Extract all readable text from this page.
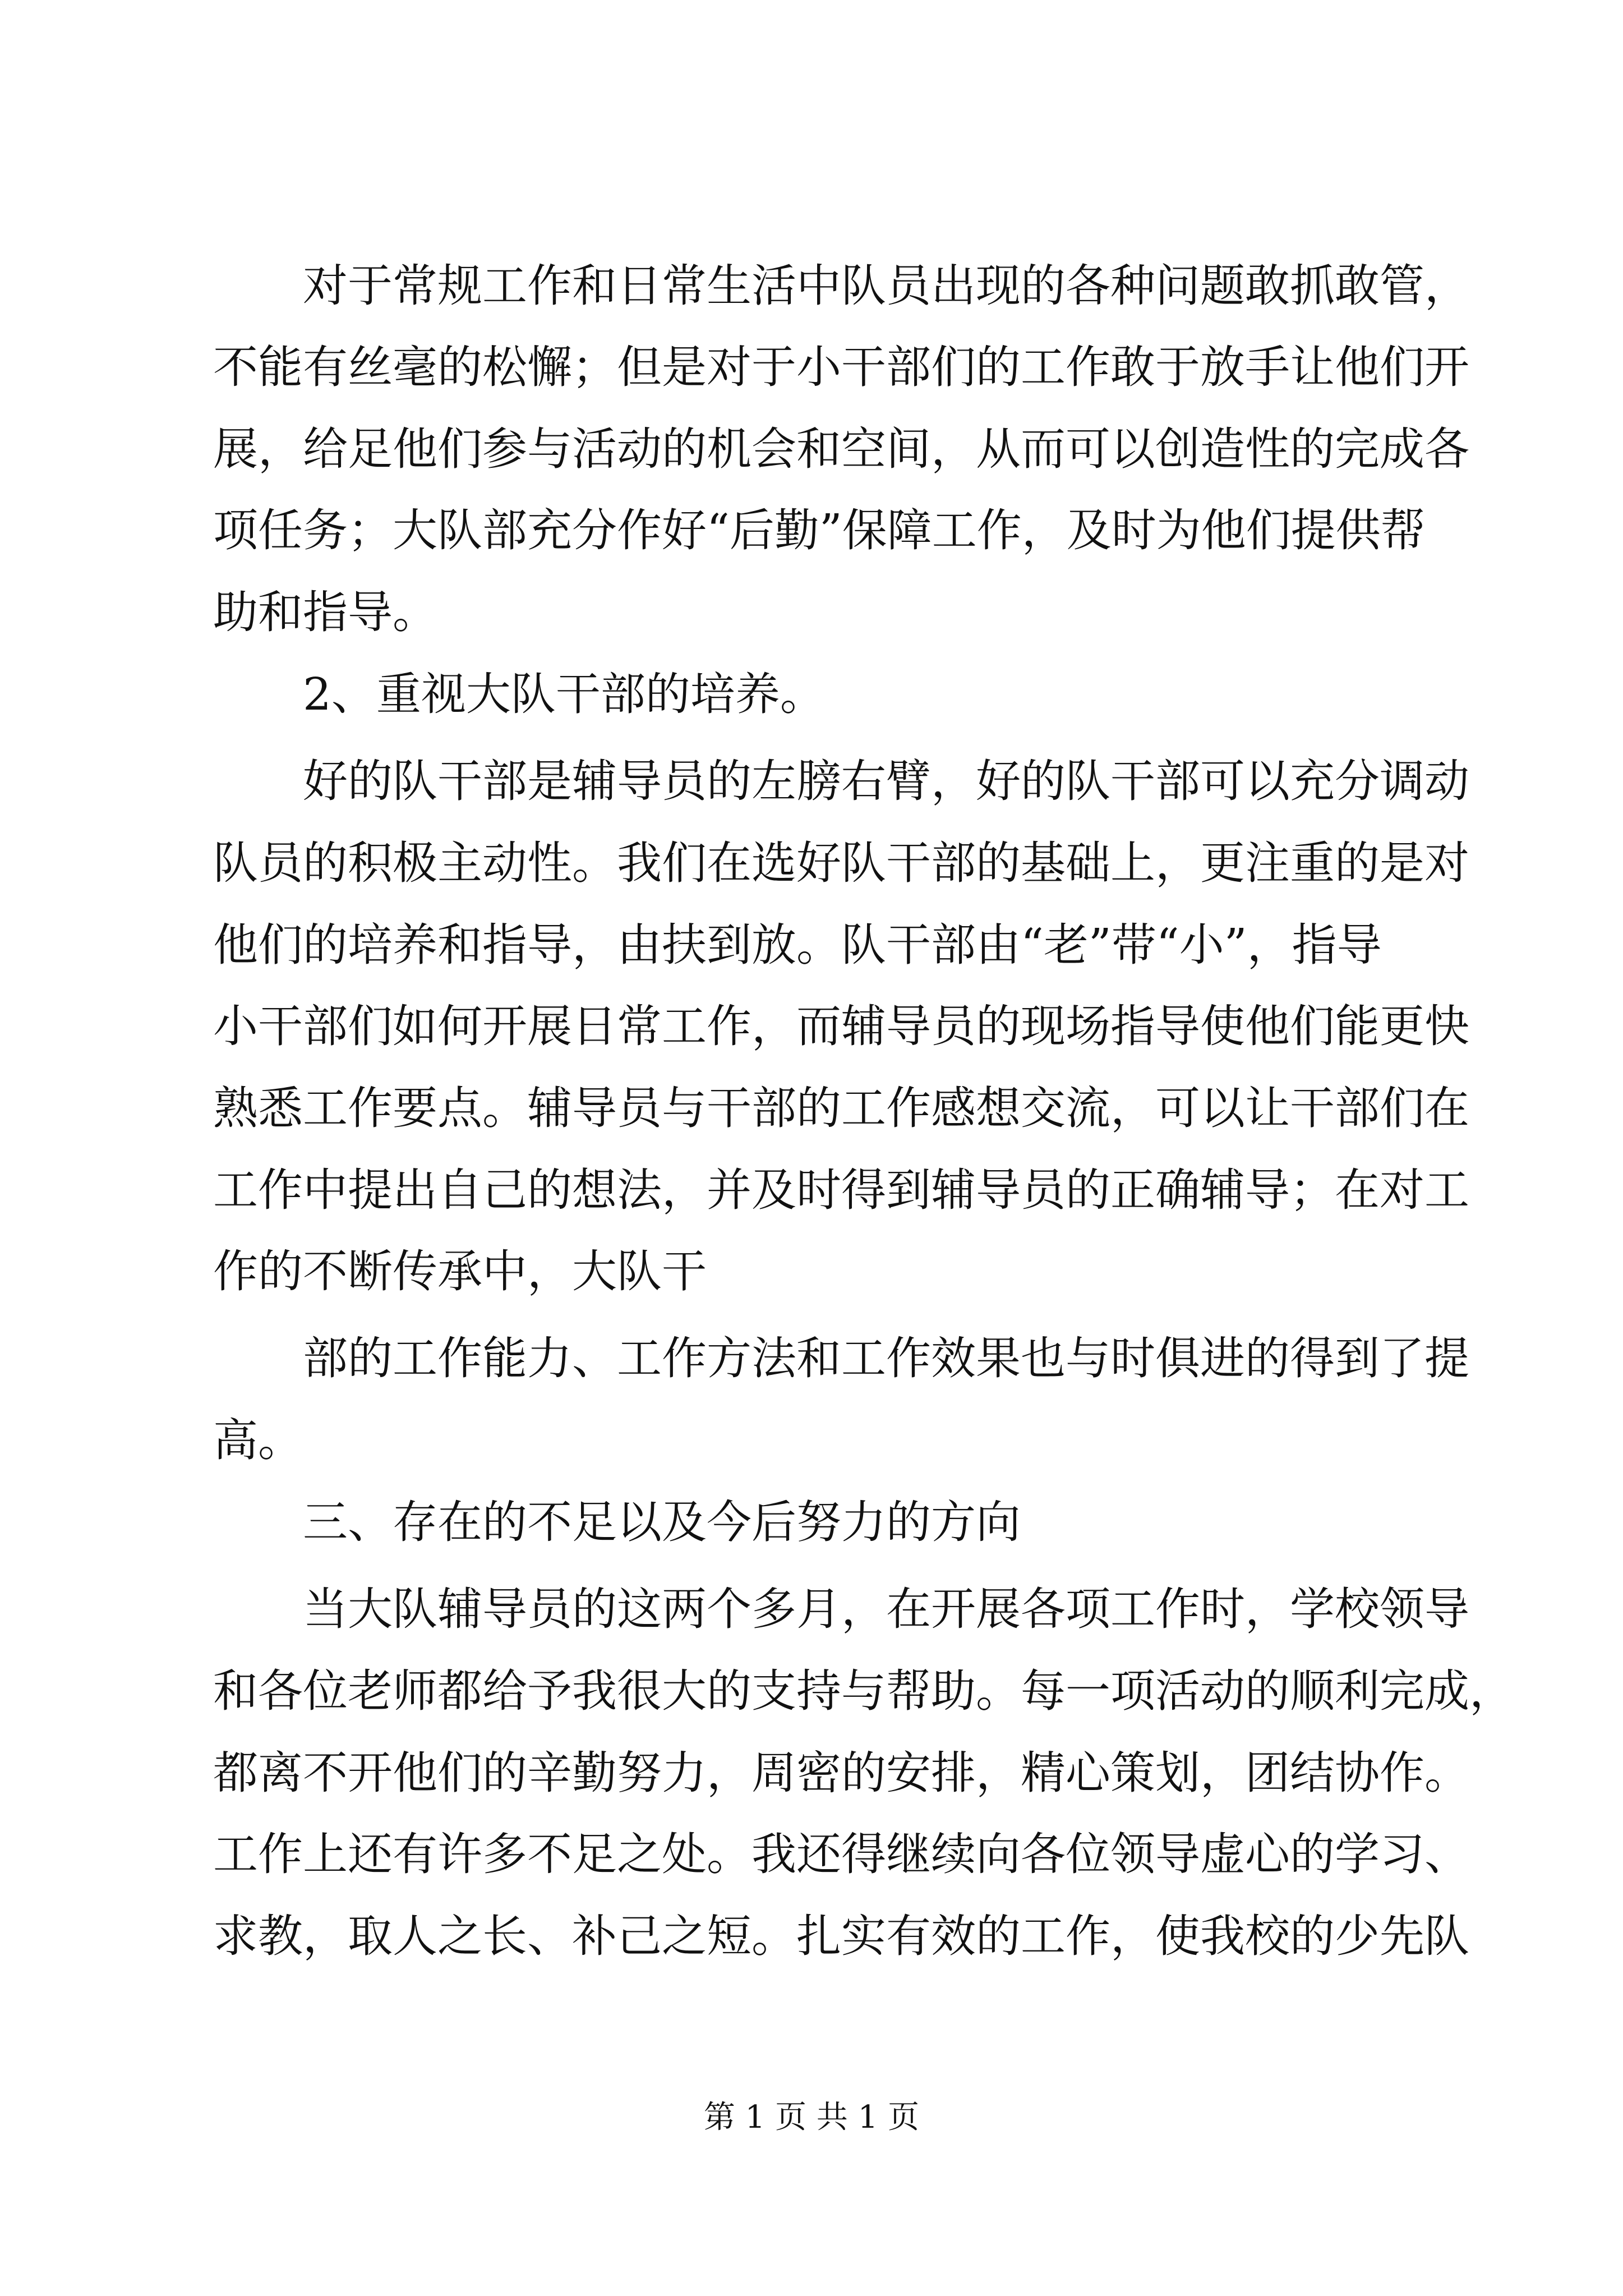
对于常规工作和日常生活中队员出现的各种问题敢抓敢管，
不能有丝毫的松懈；但是对于小干部们的工作敢于放手让他们开
展，给足他们参与活动的机会和空间，从而可以创造性的完成各
项任务；大队部充分作好“后勤”保障工作，及时为他们提供帮
助和指导。
2、重视大队干部的培养。
好的队干部是辅导员的左膀右臂，好的队干部可以充分调动
队员的积极主动性。我们在选好队干部的基础上，更注重的是对
他们的培养和指导，由扶到放。队干部由“老”带“小”，指导
小干部们如何开展日常工作，而辅导员的现场指导使他们能更快
熟悉工作要点。辅导员与干部的工作感想交流，可以让干部们在
工作中提出自己的想法，并及时得到辅导员的正确辅导；在对工
作的不断传承中，大队干
部的工作能力、工作方法和工作效果也与时俱进的得到了提
高。
三、存在的不足以及今后努力的方向
当大队辅导员的这两个多月，在开展各项工作时，学校领导
和各位老师都给予我很大的支持与帮助。每一项活动的顺利完成，
都离不开他们的辛勤努力，周密的安排，精心策划，团结协作。
工作上还有许多不足之处。我还得继续向各位领导虚心的学习、
求教，取人之长、补己之短。扎实有效的工作，使我校的少先队
第 1 页 共 1 页
